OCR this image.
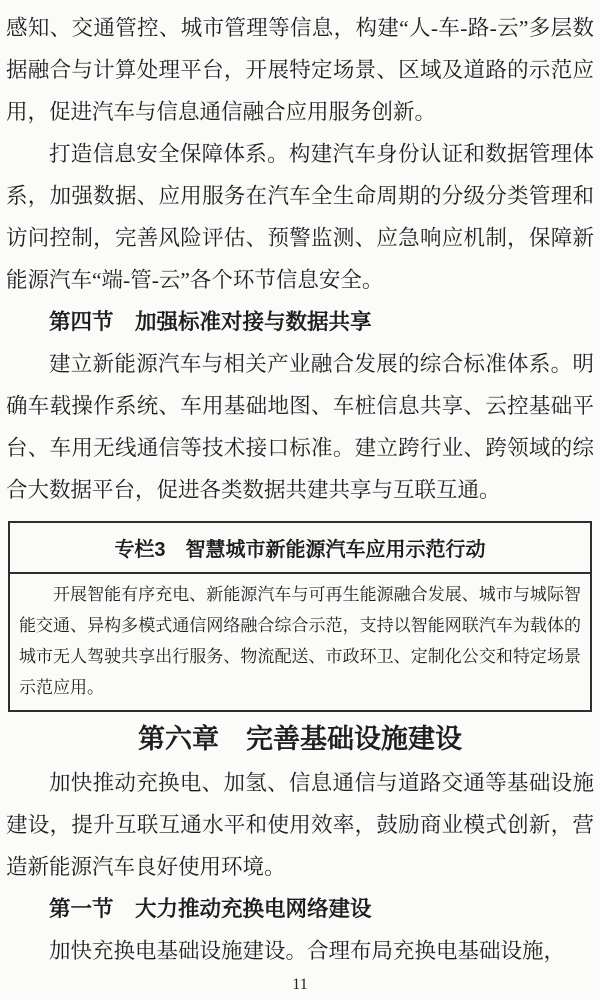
感知、交通管控、城市管理等信息，构建“人-车-路-云”多层数据融合与计算处理平台，开展特定场景、区域及道路的示范应用，促进汽车与信息通信融合应用服务创新。

打造信息安全保障体系。构建汽车身份认证和数据管理体系，加强数据、应用服务在汽车全生命周期的分级分类管理和访问控制，完善风险评估、预警监测、应急响应机制，保障新能源汽车“端-管-云”各个环节信息安全。

第四节　加强标准对接与数据共享

建立新能源汽车与相关产业融合发展的综合标准体系。明确车载操作系统、车用基础地图、车桩信息共享、云控基础平台、车用无线通信等技术接口标准。建立跨行业、跨领域的综合大数据平台，促进各类数据共建共享与互联互通。

专栏3　智慧城市新能源汽车应用示范行动
开展智能有序充电、新能源汽车与可再生能源融合发展、城市与城际智能交通、异构多模式通信网络融合综合示范，支持以智能网联汽车为载体的城市无人驾驶共享出行服务、物流配送、市政环卫、定制化公交和特定场景示范应用。
第六章　完善基础设施建设

加快推动充换电、加氢、信息通信与道路交通等基础设施建设，提升互联互通水平和使用效率，鼓励商业模式创新，营造新能源汽车良好使用环境。

第一节　大力推动充换电网络建设

加快充换电基础设施建设。合理布局充换电基础设施，

11
